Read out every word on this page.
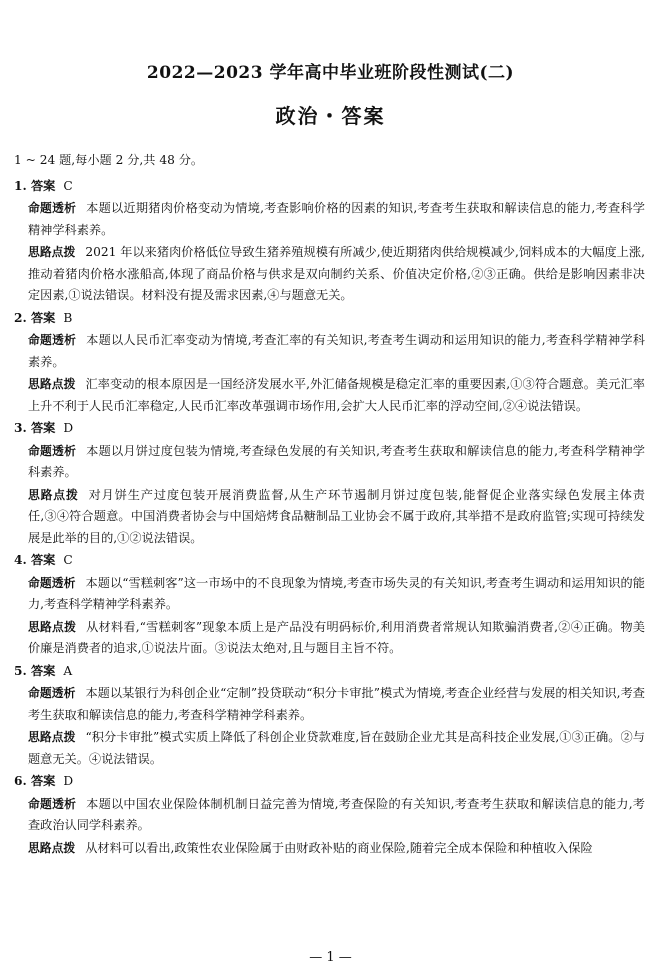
2022—2023 学年高中毕业班阶段性测试(二)
政治・答案

1 ~ 24 题,每小题 2 分,共 48 分。

1. 答案 C

命题透析 本题以近期猪肉价格变动为情境,考查影响价格的因素的知识,考查考生获取和解读信息的能力,考查科学精神学科素养。

思路点拨 2021 年以来猪肉价格低位导致生猪养殖规模有所减少,使近期猪肉供给规模减少,饲料成本的大幅度上涨,推动着猪肉价格水涨船高,体现了商品价格与供求是双向制约关系、价值决定价格,②③正确。供给是影响因素非决定因素,①说法错误。材料没有提及需求因素,④与题意无关。

2. 答案 B

命题透析 本题以人民币汇率变动为情境,考查汇率的有关知识,考查考生调动和运用知识的能力,考查科学精神学科素养。

思路点拨 汇率变动的根本原因是一国经济发展水平,外汇储备规模是稳定汇率的重要因素,①③符合题意。美元汇率上升不利于人民币汇率稳定,人民币汇率改革强调市场作用,会扩大人民币汇率的浮动空间,②④说法错误。

3. 答案 D

命题透析 本题以月饼过度包装为情境,考查绿色发展的有关知识,考查考生获取和解读信息的能力,考查科学精神学科素养。

思路点拨 对月饼生产过度包装开展消费监督,从生产环节遏制月饼过度包装,能督促企业落实绿色发展主体责任,③④符合题意。中国消费者协会与中国焙烤食品糖制品工业协会不属于政府,其举措不是政府监管;实现可持续发展是此举的目的,①②说法错误。

4. 答案 C

命题透析 本题以“雪糕刺客”这一市场中的不良现象为情境,考查市场失灵的有关知识,考查考生调动和运用知识的能力,考查科学精神学科素养。

思路点拨 从材料看,“雪糕刺客”现象本质上是产品没有明码标价,利用消费者常规认知欺骗消费者,②④正确。物美价廉是消费者的追求,①说法片面。③说法太绝对,且与题目主旨不符。

5. 答案 A

命题透析 本题以某银行为科创企业“定制”投贷联动“积分卡审批”模式为情境,考查企业经营与发展的相关知识,考查考生获取和解读信息的能力,考查科学精神学科素养。

思路点拨 “积分卡审批”模式实质上降低了科创企业贷款难度,旨在鼓励企业尤其是高科技企业发展,①③正确。②与题意无关。④说法错误。

6. 答案 D

命题透析 本题以中国农业保险体制机制日益完善为情境,考查保险的有关知识,考查考生获取和解读信息的能力,考查政治认同学科素养。

思路点拨 从材料可以看出,政策性农业保险属于由财政补贴的商业保险,随着完全成本保险和种植收入保险

— 1 —
